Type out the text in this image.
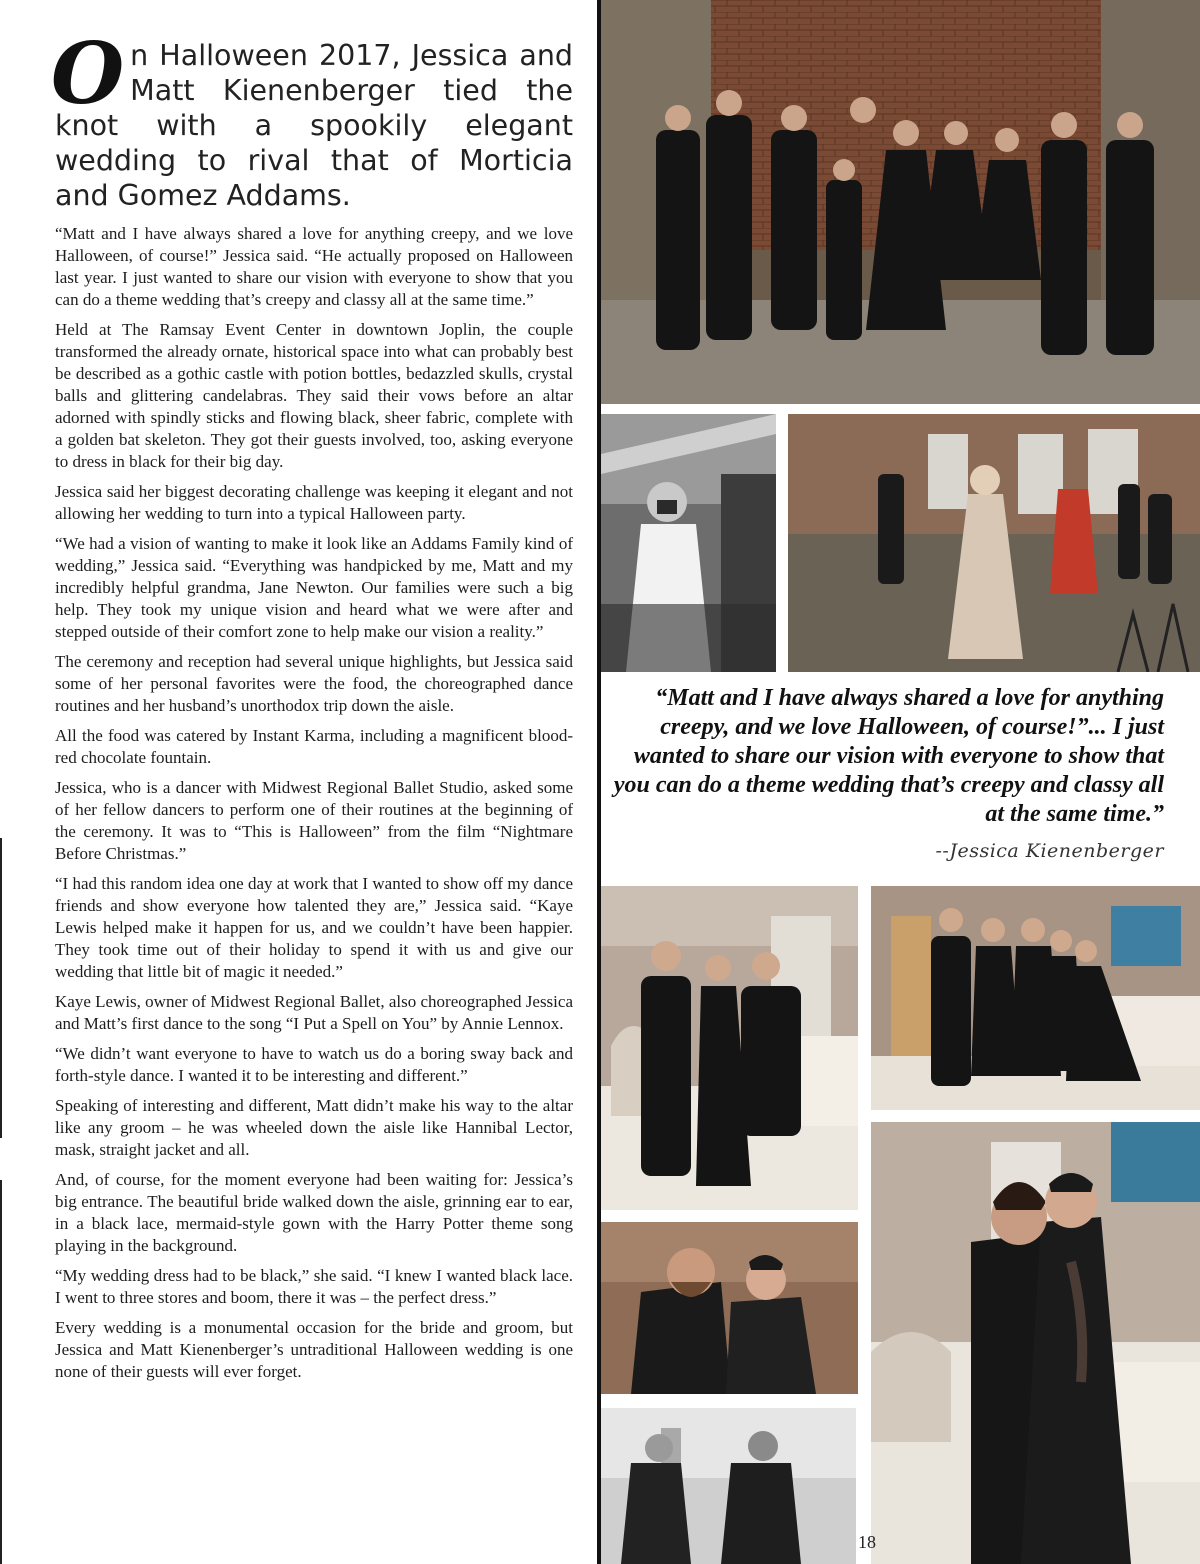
On Halloween 2017, Jessica and Matt Kienenberger tied the knot with a spookily elegant wedding to rival that of Morticia and Gomez Addams.

“Matt and I have always shared a love for anything creepy, and we love Halloween, of course!” Jessica said. “He actually proposed on Halloween last year. I just wanted to share our vision with everyone to show that you can do a theme wedding that’s creepy and classy all at the same time.”

Held at The Ramsay Event Center in downtown Joplin, the couple transformed the already ornate, historical space into what can probably best be described as a gothic castle with potion bottles, bedazzled skulls, crystal balls and glittering candelabras. They said their vows before an altar adorned with spindly sticks and flowing black, sheer fabric, complete with a golden bat skeleton. They got their guests involved, too, asking everyone to dress in black for their big day.

Jessica said her biggest decorating challenge was keeping it elegant and not allowing her wedding to turn into a typical Halloween party.

“We had a vision of wanting to make it look like an Addams Family kind of wedding,” Jessica said. “Everything was handpicked by me, Matt and my incredibly helpful grandma, Jane Newton. Our families were such a big help. They took my unique vision and heard what we were after and stepped outside of their comfort zone to help make our vision a reality.”

The ceremony and reception had several unique highlights, but Jessica said some of her personal favorites were the food, the choreographed dance routines and her husband’s unorthodox trip down the aisle.

All the food was catered by Instant Karma, including a magnificent blood-red chocolate fountain.

Jessica, who is a dancer with Midwest Regional Ballet Studio, asked some of her fellow dancers to perform one of their routines at the beginning of the ceremony. It was to “This is Halloween” from the film “Nightmare Before Christmas.”

“I had this random idea one day at work that I wanted to show off my dance friends and show everyone how talented they are,” Jessica said. “Kaye Lewis helped make it happen for us, and we couldn’t have been happier. They took time out of their holiday to spend it with us and give our wedding that little bit of magic it needed.”

Kaye Lewis, owner of Midwest Regional Ballet, also choreographed Jessica and Matt’s first dance to the song “I Put a Spell on You” by Annie Lennox.

“We didn’t want everyone to have to watch us do a boring sway back and forth-style dance. I wanted it to be interesting and different.”

Speaking of interesting and different, Matt didn’t make his way to the altar like any groom – he was wheeled down the aisle like Hannibal Lector, mask, straight jacket and all.

And, of course, for the moment everyone had been waiting for: Jessica’s big entrance. The beautiful bride walked down the aisle, grinning ear to ear, in a black lace, mermaid-style gown with the Harry Potter theme song playing in the background.

“My wedding dress had to be black,” she said. “I knew I wanted black lace. I went to three stores and boom, there it was – the perfect dress.”

Every wedding is a monumental occasion for the bride and groom, but Jessica and Matt Kienenberger’s untraditional Halloween wedding is one none of their guests will ever forget.

“Matt and I have always shared a love for anything creepy, and we love Halloween, of course!”... I just wanted to share our vision with everyone to show that you can do a theme wedding that’s creepy and classy all at the same time.”
--Jessica Kienenberger
18
